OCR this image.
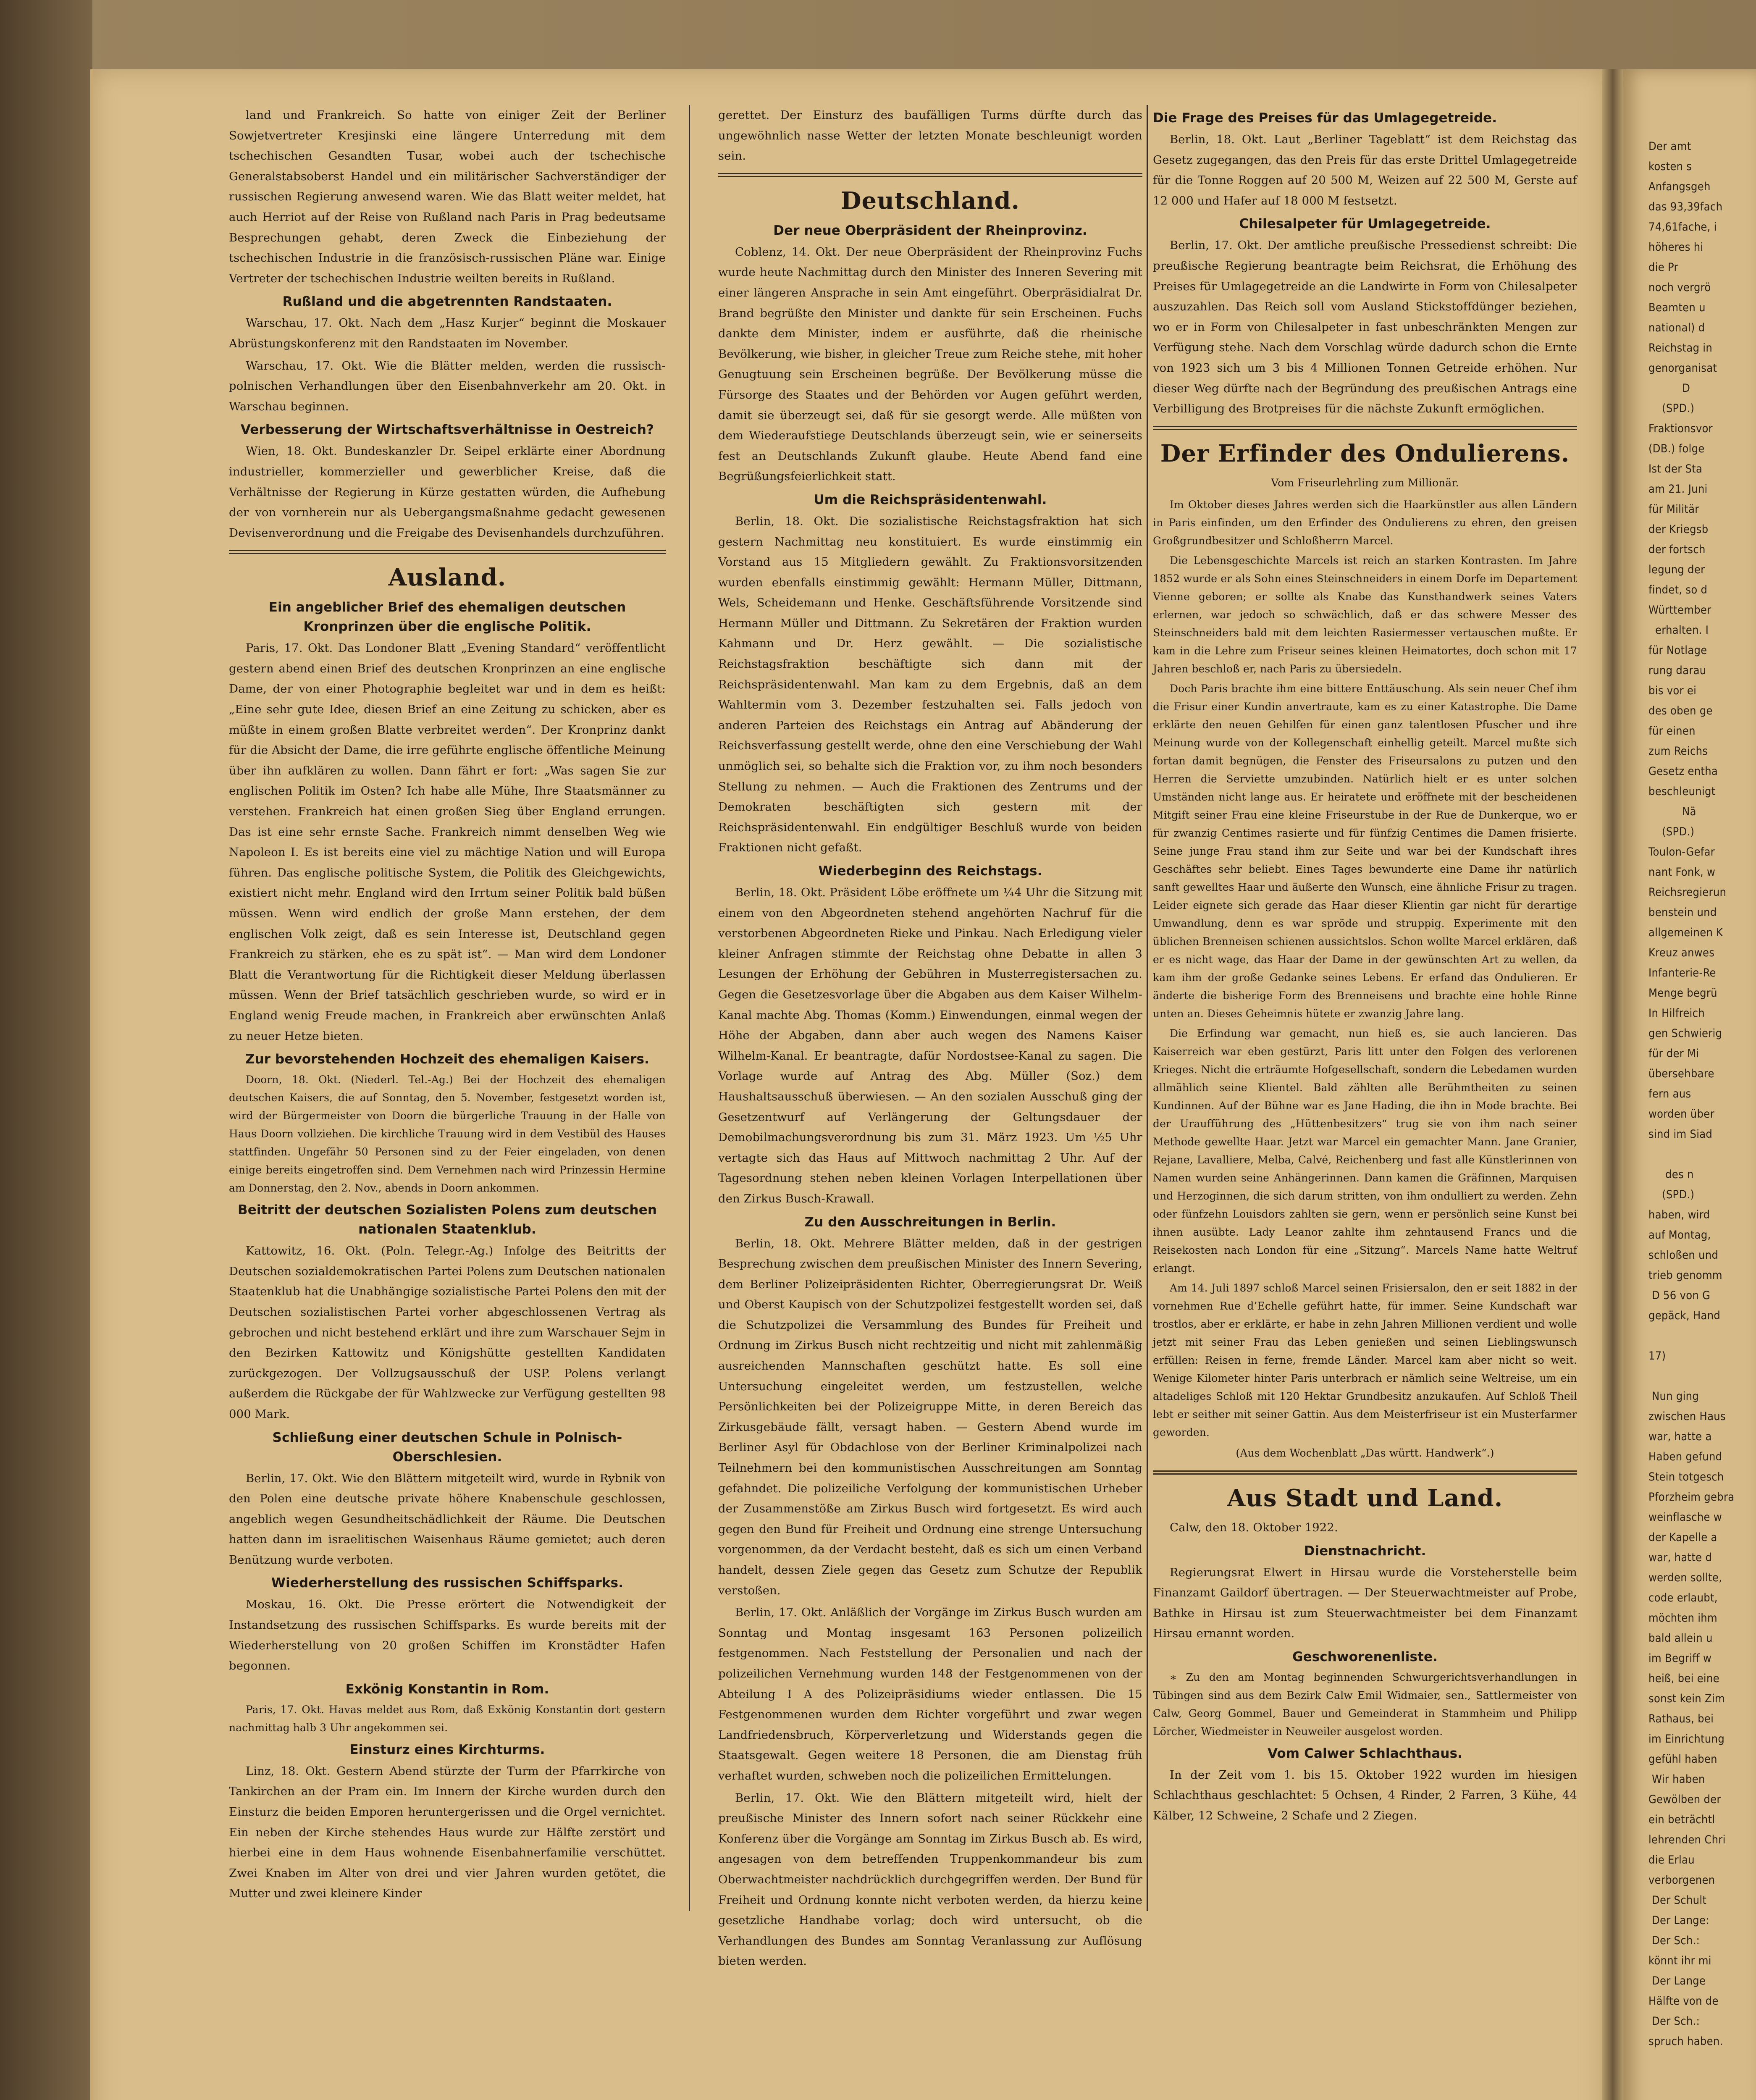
Der amt
kosten s
Anfangsgeh
das 93,39fach
74,61fache, i
höheres hi
die Pr
noch vergrö
Beamten u
national) d
Reichstag in
genorganisat
D
(SPD.)
Fraktionsvor
(DB.) folge
Ist der Sta
am 21. Juni
für Militär
der Kriegsb
der fortsch
legung der
findet, so d
Württember
erhalten. I
für Notlage
rung darau
bis vor ei
des oben ge
für einen
zum Reichs
Gesetz entha
beschleunigt
Nä
(SPD.)
Toulon-Gefar
nant Fonk, w
Reichsregierun
benstein und
allgemeinen K
Kreuz anwes
Infanterie-Re
Menge begrü
In Hilfreich
gen Schwierig
für der Mi
übersehbare
fern aus
worden über
sind im Siad

des n
(SPD.)
haben, wird
auf Montag,
schloßen und
trieb genomm
D 56 von G
gepäck, Hand

17)

Nun ging
zwischen Haus
war, hatte a
Haben gefund
Stein totgesch
Pforzheim gebra
weinflasche w
der Kapelle a
war, hatte d
werden sollte,
code erlaubt,
möchten ihm
bald allein u
im Begriff w
heiß, bei eine
sonst kein Zim
Rathaus, bei
im Einrichtung
gefühl haben
Wir haben
Gewölben der
ein beträchtl
lehrenden Chri
die Erlau
verborgenen
Der Schult
Der Lange:
Der Sch.:
könnt ihr mi
Der Lange
Hälfte von de
Der Sch.:
spruch haben.

land und Frankreich. So hatte von einiger Zeit der Berliner Sowjetvertreter Kresjinski eine längere Unterredung mit dem tschechischen Gesandten Tusar, wobei auch der tschechische Generalstabsoberst Handel und ein militärischer Sachverständiger der russischen Regierung anwesend waren. Wie das Blatt weiter meldet, hat auch Herriot auf der Reise von Rußland nach Paris in Prag bedeutsame Besprechungen gehabt, deren Zweck die Einbeziehung der tschechischen Industrie in die französisch-russischen Pläne war. Einige Vertreter der tschechischen Industrie weilten bereits in Rußland.

Rußland und die abgetrennten Randstaaten.

Warschau, 17. Okt. Nach dem „Hasz Kurjer“ beginnt die Moskauer Abrüstungskonferenz mit den Randstaaten im November.

Warschau, 17. Okt. Wie die Blätter melden, werden die russisch-polnischen Verhandlungen über den Eisenbahnverkehr am 20. Okt. in Warschau beginnen.

Verbesserung der Wirtschaftsverhältnisse in Oestreich?

Wien, 18. Okt. Bundeskanzler Dr. Seipel erklärte einer Abordnung industrieller, kommerzieller und gewerblicher Kreise, daß die Verhältnisse der Regierung in Kürze gestatten würden, die Aufhebung der von vornherein nur als Uebergangsmaßnahme gedacht gewesenen Devisenverordnung und die Freigabe des Devisenhandels durchzuführen.

Ausland.
Ein angeblicher Brief des ehemaligen deutschen Kronprinzen über die englische Politik.

Paris, 17. Okt. Das Londoner Blatt „Evening Standard“ veröffentlicht gestern abend einen Brief des deutschen Kronprinzen an eine englische Dame, der von einer Photographie begleitet war und in dem es heißt: „Eine sehr gute Idee, diesen Brief an eine Zeitung zu schicken, aber es müßte in einem großen Blatte verbreitet werden“. Der Kronprinz dankt für die Absicht der Dame, die irre geführte englische öffentliche Meinung über ihn aufklären zu wollen. Dann fährt er fort: „Was sagen Sie zur englischen Politik im Osten? Ich habe alle Mühe, Ihre Staatsmänner zu verstehen. Frankreich hat einen großen Sieg über England errungen. Das ist eine sehr ernste Sache. Frankreich nimmt denselben Weg wie Napoleon I. Es ist bereits eine viel zu mächtige Nation und will Europa führen. Das englische politische System, die Politik des Gleichgewichts, existiert nicht mehr. England wird den Irrtum seiner Politik bald büßen müssen. Wenn wird endlich der große Mann erstehen, der dem englischen Volk zeigt, daß es sein Interesse ist, Deutschland gegen Frankreich zu stärken, ehe es zu spät ist“. — Man wird dem Londoner Blatt die Verantwortung für die Richtigkeit dieser Meldung überlassen müssen. Wenn der Brief tatsächlich geschrieben wurde, so wird er in England wenig Freude machen, in Frankreich aber erwünschten Anlaß zu neuer Hetze bieten.

Zur bevorstehenden Hochzeit des ehemaligen Kaisers.

Doorn, 18. Okt. (Niederl. Tel.-Ag.) Bei der Hochzeit des ehemaligen deutschen Kaisers, die auf Sonntag, den 5. November, festgesetzt worden ist, wird der Bürgermeister von Doorn die bürgerliche Trauung in der Halle von Haus Doorn vollziehen. Die kirchliche Trauung wird in dem Vestibül des Hauses stattfinden. Ungefähr 50 Personen sind zu der Feier eingeladen, von denen einige bereits eingetroffen sind. Dem Vernehmen nach wird Prinzessin Hermine am Donnerstag, den 2. Nov., abends in Doorn ankommen.

Beitritt der deutschen Sozialisten Polens zum deutschen nationalen Staatenklub.

Kattowitz, 16. Okt. (Poln. Telegr.-Ag.) Infolge des Beitritts der Deutschen sozialdemokratischen Partei Polens zum Deutschen nationalen Staatenklub hat die Unabhängige sozialistische Partei Polens den mit der Deutschen sozialistischen Partei vorher abgeschlossenen Vertrag als gebrochen und nicht bestehend erklärt und ihre zum Warschauer Sejm in den Bezirken Kattowitz und Königshütte gestellten Kandidaten zurückgezogen. Der Vollzugsausschuß der USP. Polens verlangt außerdem die Rückgabe der für Wahlzwecke zur Verfügung gestellten 98 000 Mark.

Schließung einer deutschen Schule in Polnisch-Oberschlesien.

Berlin, 17. Okt. Wie den Blättern mitgeteilt wird, wurde in Rybnik von den Polen eine deutsche private höhere Knabenschule geschlossen, angeblich wegen Gesundheitschädlichkeit der Räume. Die Deutschen hatten dann im israelitischen Waisenhaus Räume gemietet; auch deren Benützung wurde verboten.

Wiederherstellung des russischen Schiffsparks.

Moskau, 16. Okt. Die Presse erörtert die Notwendigkeit der Instandsetzung des russischen Schiffsparks. Es wurde bereits mit der Wiederherstellung von 20 großen Schiffen im Kronstädter Hafen begonnen.

Exkönig Konstantin in Rom.

Paris, 17. Okt. Havas meldet aus Rom, daß Exkönig Konstantin dort gestern nachmittag halb 3 Uhr angekommen sei.

Einsturz eines Kirchturms.

Linz, 18. Okt. Gestern Abend stürzte der Turm der Pfarrkirche von Tankirchen an der Pram ein. Im Innern der Kirche wurden durch den Einsturz die beiden Emporen heruntergerissen und die Orgel vernichtet. Ein neben der Kirche stehendes Haus wurde zur Hälfte zerstört und hierbei eine in dem Haus wohnende Eisenbahnerfamilie verschüttet. Zwei Knaben im Alter von drei und vier Jahren wurden getötet, die Mutter und zwei kleinere Kinder

gerettet. Der Einsturz des baufälligen Turms dürfte durch das ungewöhnlich nasse Wetter der letzten Monate beschleunigt worden sein.

Deutschland.
Der neue Oberpräsident der Rheinprovinz.

Coblenz, 14. Okt. Der neue Oberpräsident der Rheinprovinz Fuchs wurde heute Nachmittag durch den Minister des Inneren Severing mit einer längeren Ansprache in sein Amt eingeführt. Oberpräsidialrat Dr. Brand begrüßte den Minister und dankte für sein Erscheinen. Fuchs dankte dem Minister, indem er ausführte, daß die rheinische Bevölkerung, wie bisher, in gleicher Treue zum Reiche stehe, mit hoher Genugtuung sein Erscheinen begrüße. Der Bevölkerung müsse die Fürsorge des Staates und der Behörden vor Augen geführt werden, damit sie überzeugt sei, daß für sie gesorgt werde. Alle müßten von dem Wiederaufstiege Deutschlands überzeugt sein, wie er seinerseits fest an Deutschlands Zukunft glaube. Heute Abend fand eine Begrüßungsfeierlichkeit statt.

Um die Reichspräsidentenwahl.

Berlin, 18. Okt. Die sozialistische Reichstagsfraktion hat sich gestern Nachmittag neu konstituiert. Es wurde einstimmig ein Vorstand aus 15 Mitgliedern gewählt. Zu Fraktionsvorsitzenden wurden ebenfalls einstimmig gewählt: Hermann Müller, Dittmann, Wels, Scheidemann und Henke. Geschäftsführende Vorsitzende sind Hermann Müller und Dittmann. Zu Sekretären der Fraktion wurden Kahmann und Dr. Herz gewählt. — Die sozialistische Reichstagsfraktion beschäftigte sich dann mit der Reichspräsidentenwahl. Man kam zu dem Ergebnis, daß an dem Wahltermin vom 3. Dezember festzuhalten sei. Falls jedoch von anderen Parteien des Reichstags ein Antrag auf Abänderung der Reichsverfassung gestellt werde, ohne den eine Verschiebung der Wahl unmöglich sei, so behalte sich die Fraktion vor, zu ihm noch besonders Stellung zu nehmen. — Auch die Fraktionen des Zentrums und der Demokraten beschäftigten sich gestern mit der Reichspräsidentenwahl. Ein endgültiger Beschluß wurde von beiden Fraktionen nicht gefaßt.

Wiederbeginn des Reichstags.

Berlin, 18. Okt. Präsident Löbe eröffnete um ¼4 Uhr die Sitzung mit einem von den Abgeordneten stehend angehörten Nachruf für die verstorbenen Abgeordneten Rieke und Pinkau. Nach Erledigung vieler kleiner Anfragen stimmte der Reichstag ohne Debatte in allen 3 Lesungen der Erhöhung der Gebühren in Musterregistersachen zu. Gegen die Gesetzesvorlage über die Abgaben aus dem Kaiser Wilhelm-Kanal machte Abg. Thomas (Komm.) Einwendungen, einmal wegen der Höhe der Abgaben, dann aber auch wegen des Namens Kaiser Wilhelm-Kanal. Er beantragte, dafür Nordostsee-Kanal zu sagen. Die Vorlage wurde auf Antrag des Abg. Müller (Soz.) dem Haushaltsausschuß überwiesen. — An den sozialen Ausschuß ging der Gesetzentwurf auf Verlängerung der Geltungsdauer der Demobilmachungsverordnung bis zum 31. März 1923. Um ½5 Uhr vertagte sich das Haus auf Mittwoch nachmittag 2 Uhr. Auf der Tagesordnung stehen neben kleinen Vorlagen Interpellationen über den Zirkus Busch-Krawall.

Zu den Ausschreitungen in Berlin.

Berlin, 18. Okt. Mehrere Blätter melden, daß in der gestrigen Besprechung zwischen dem preußischen Minister des Innern Severing, dem Berliner Polizeipräsidenten Richter, Oberregierungsrat Dr. Weiß und Oberst Kaupisch von der Schutzpolizei festgestellt worden sei, daß die Schutzpolizei die Versammlung des Bundes für Freiheit und Ordnung im Zirkus Busch nicht rechtzeitig und nicht mit zahlenmäßig ausreichenden Mannschaften geschützt hatte. Es soll eine Untersuchung eingeleitet werden, um festzustellen, welche Persönlichkeiten bei der Polizeigruppe Mitte, in deren Bereich das Zirkusgebäude fällt, versagt haben. — Gestern Abend wurde im Berliner Asyl für Obdachlose von der Berliner Kriminalpolizei nach Teilnehmern bei den kommunistischen Ausschreitungen am Sonntag gefahndet. Die polizeiliche Verfolgung der kommunistischen Urheber der Zusammenstöße am Zirkus Busch wird fortgesetzt. Es wird auch gegen den Bund für Freiheit und Ordnung eine strenge Untersuchung vorgenommen, da der Verdacht besteht, daß es sich um einen Verband handelt, dessen Ziele gegen das Gesetz zum Schutze der Republik verstoßen.

Berlin, 17. Okt. Anläßlich der Vorgänge im Zirkus Busch wurden am Sonntag und Montag insgesamt 163 Personen polizeilich festgenommen. Nach Feststellung der Personalien und nach der polizeilichen Vernehmung wurden 148 der Festgenommenen von der Abteilung I A des Polizeipräsidiums wieder entlassen. Die 15 Festgenommenen wurden dem Richter vorgeführt und zwar wegen Landfriedensbruch, Körperverletzung und Widerstands gegen die Staatsgewalt. Gegen weitere 18 Personen, die am Dienstag früh verhaftet wurden, schweben noch die polizeilichen Ermittelungen.

Berlin, 17. Okt. Wie den Blättern mitgeteilt wird, hielt der preußische Minister des Innern sofort nach seiner Rückkehr eine Konferenz über die Vorgänge am Sonntag im Zirkus Busch ab. Es wird, angesagen von dem betreffenden Truppenkommandeur bis zum Oberwachtmeister nachdrücklich durchgegriffen werden. Der Bund für Freiheit und Ordnung konnte nicht verboten werden, da hierzu keine gesetzliche Handhabe vorlag; doch wird untersucht, ob die Verhandlungen des Bundes am Sonntag Veranlassung zur Auflösung bieten werden.

Die Frage des Preises für das Umlagegetreide.

Berlin, 18. Okt. Laut „Berliner Tageblatt“ ist dem Reichstag das Gesetz zugegangen, das den Preis für das erste Drittel Umlagegetreide für die Tonne Roggen auf 20 500 M, Weizen auf 22 500 M, Gerste auf 12 000 und Hafer auf 18 000 M festsetzt.

Chilesalpeter für Umlagegetreide.

Berlin, 17. Okt. Der amtliche preußische Pressedienst schreibt: Die preußische Regierung beantragte beim Reichsrat, die Erhöhung des Preises für Umlagegetreide an die Landwirte in Form von Chilesalpeter auszuzahlen. Das Reich soll vom Ausland Stickstoffdünger beziehen, wo er in Form von Chilesalpeter in fast unbeschränkten Mengen zur Verfügung stehe. Nach dem Vorschlag würde dadurch schon die Ernte von 1923 sich um 3 bis 4 Millionen Tonnen Getreide erhöhen. Nur dieser Weg dürfte nach der Begründung des preußischen Antrags eine Verbilligung des Brotpreises für die nächste Zukunft ermöglichen.

Der Erfinder des Ondulierens.
Vom Friseurlehrling zum Millionär.

Im Oktober dieses Jahres werden sich die Haarkünstler aus allen Ländern in Paris einfinden, um den Erfinder des Ondulierens zu ehren, den greisen Großgrundbesitzer und Schloßherrn Marcel.

Die Lebensgeschichte Marcels ist reich an starken Kontrasten. Im Jahre 1852 wurde er als Sohn eines Steinschneiders in einem Dorfe im Departement Vienne geboren; er sollte als Knabe das Kunsthandwerk seines Vaters erlernen, war jedoch so schwächlich, daß er das schwere Messer des Steinschneiders bald mit dem leichten Rasiermesser vertauschen mußte. Er kam in die Lehre zum Friseur seines kleinen Heimatortes, doch schon mit 17 Jahren beschloß er, nach Paris zu übersiedeln.

Doch Paris brachte ihm eine bittere Enttäuschung. Als sein neuer Chef ihm die Frisur einer Kundin anvertraute, kam es zu einer Katastrophe. Die Dame erklärte den neuen Gehilfen für einen ganz talentlosen Pfuscher und ihre Meinung wurde von der Kollegenschaft einhellig geteilt. Marcel mußte sich fortan damit begnügen, die Fenster des Friseursalons zu putzen und den Herren die Serviette umzubinden. Natürlich hielt er es unter solchen Umständen nicht lange aus. Er heiratete und eröffnete mit der bescheidenen Mitgift seiner Frau eine kleine Friseurstube in der Rue de Dunkerque, wo er für zwanzig Centimes rasierte und für fünfzig Centimes die Damen frisierte. Seine junge Frau stand ihm zur Seite und war bei der Kundschaft ihres Geschäftes sehr beliebt. Eines Tages bewunderte eine Dame ihr natürlich sanft gewelltes Haar und äußerte den Wunsch, eine ähnliche Frisur zu tragen. Leider eignete sich gerade das Haar dieser Klientin gar nicht für derartige Umwandlung, denn es war spröde und struppig. Experimente mit den üblichen Brenneisen schienen aussichtslos. Schon wollte Marcel erklären, daß er es nicht wage, das Haar der Dame in der gewünschten Art zu wellen, da kam ihm der große Gedanke seines Lebens. Er erfand das Ondulieren. Er änderte die bisherige Form des Brenneisens und brachte eine hohle Rinne unten an. Dieses Geheimnis hütete er zwanzig Jahre lang.

Die Erfindung war gemacht, nun hieß es, sie auch lancieren. Das Kaiserreich war eben gestürzt, Paris litt unter den Folgen des verlorenen Krieges. Nicht die erträumte Hofgesellschaft, sondern die Lebedamen wurden allmählich seine Klientel. Bald zählten alle Berühmtheiten zu seinen Kundinnen. Auf der Bühne war es Jane Hading, die ihn in Mode brachte. Bei der Uraufführung des „Hüttenbesitzers“ trug sie von ihm nach seiner Methode gewellte Haar. Jetzt war Marcel ein gemachter Mann. Jane Granier, Rejane, Lavalliere, Melba, Calvé, Reichenberg und fast alle Künstlerinnen von Namen wurden seine Anhängerinnen. Dann kamen die Gräfinnen, Marquisen und Herzoginnen, die sich darum stritten, von ihm ondulliert zu werden. Zehn oder fünfzehn Louisdors zahlten sie gern, wenn er persönlich seine Kunst bei ihnen ausübte. Lady Leanor zahlte ihm zehntausend Francs und die Reisekosten nach London für eine „Sitzung“. Marcels Name hatte Weltruf erlangt.

Am 14. Juli 1897 schloß Marcel seinen Frisiersalon, den er seit 1882 in der vornehmen Rue d’Echelle geführt hatte, für immer. Seine Kundschaft war trostlos, aber er erklärte, er habe in zehn Jahren Millionen verdient und wolle jetzt mit seiner Frau das Leben genießen und seinen Lieblingswunsch erfüllen: Reisen in ferne, fremde Länder. Marcel kam aber nicht so weit. Wenige Kilometer hinter Paris unterbrach er nämlich seine Weltreise, um ein altadeliges Schloß mit 120 Hektar Grundbesitz anzukaufen. Auf Schloß Theil lebt er seither mit seiner Gattin. Aus dem Meisterfriseur ist ein Musterfarmer geworden.

(Aus dem Wochenblatt „Das württ. Handwerk“.)
Aus Stadt und Land.

Calw, den 18. Oktober 1922.

Dienstnachricht.

Regierungsrat Elwert in Hirsau wurde die Vorsteherstelle beim Finanzamt Gaildorf übertragen. — Der Steuerwachtmeister auf Probe, Bathke in Hirsau ist zum Steuerwachtmeister bei dem Finanzamt Hirsau ernannt worden.

Geschworenenliste.

∗ Zu den am Montag beginnenden Schwurgerichtsverhandlungen in Tübingen sind aus dem Bezirk Calw Emil Widmaier, sen., Sattlermeister von Calw, Georg Gommel, Bauer und Gemeinderat in Stammheim und Philipp Lörcher, Wiedmeister in Neuweiler ausgelost worden.

Vom Calwer Schlachthaus.

In der Zeit vom 1. bis 15. Oktober 1922 wurden im hiesigen Schlachthaus geschlachtet: 5 Ochsen, 4 Rinder, 2 Farren, 3 Kühe, 44 Kälber, 12 Schweine, 2 Schafe und 2 Ziegen.
